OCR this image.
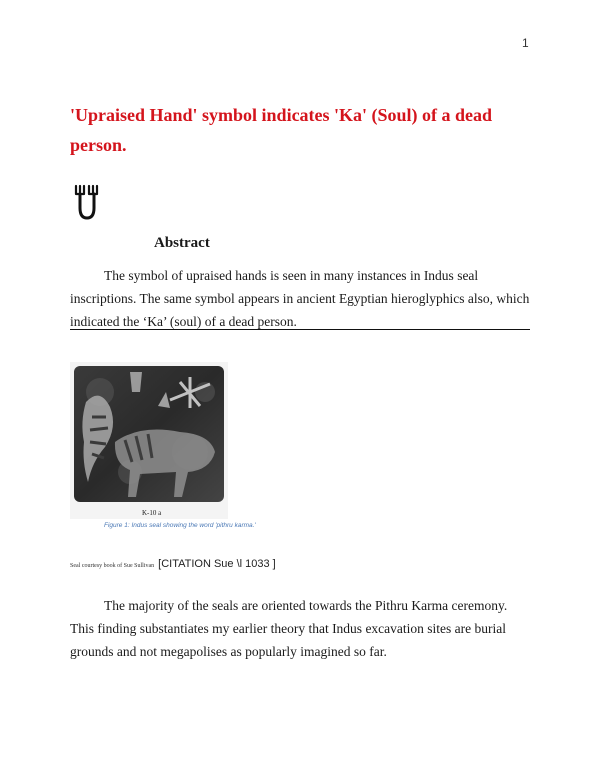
1
'Upraised Hand' symbol indicates 'Ka' (Soul) of a dead person.
Abstract

The symbol of upraised hands is seen in many instances in Indus seal inscriptions. The same symbol appears in ancient Egyptian hieroglyphics also, which indicated the ‘Ka’ (soul) of a dead person.

K-10 a

Figure 1: Indus seal showing the word 'pithru karma.'

Seal courtesy book of Sue Sullivan [CITATION Sue \l 1033 ]

The majority of the seals are oriented towards the Pithru Karma ceremony. This finding substantiates my earlier theory that Indus excavation sites are burial grounds and not megapolises as popularly imagined so far.
